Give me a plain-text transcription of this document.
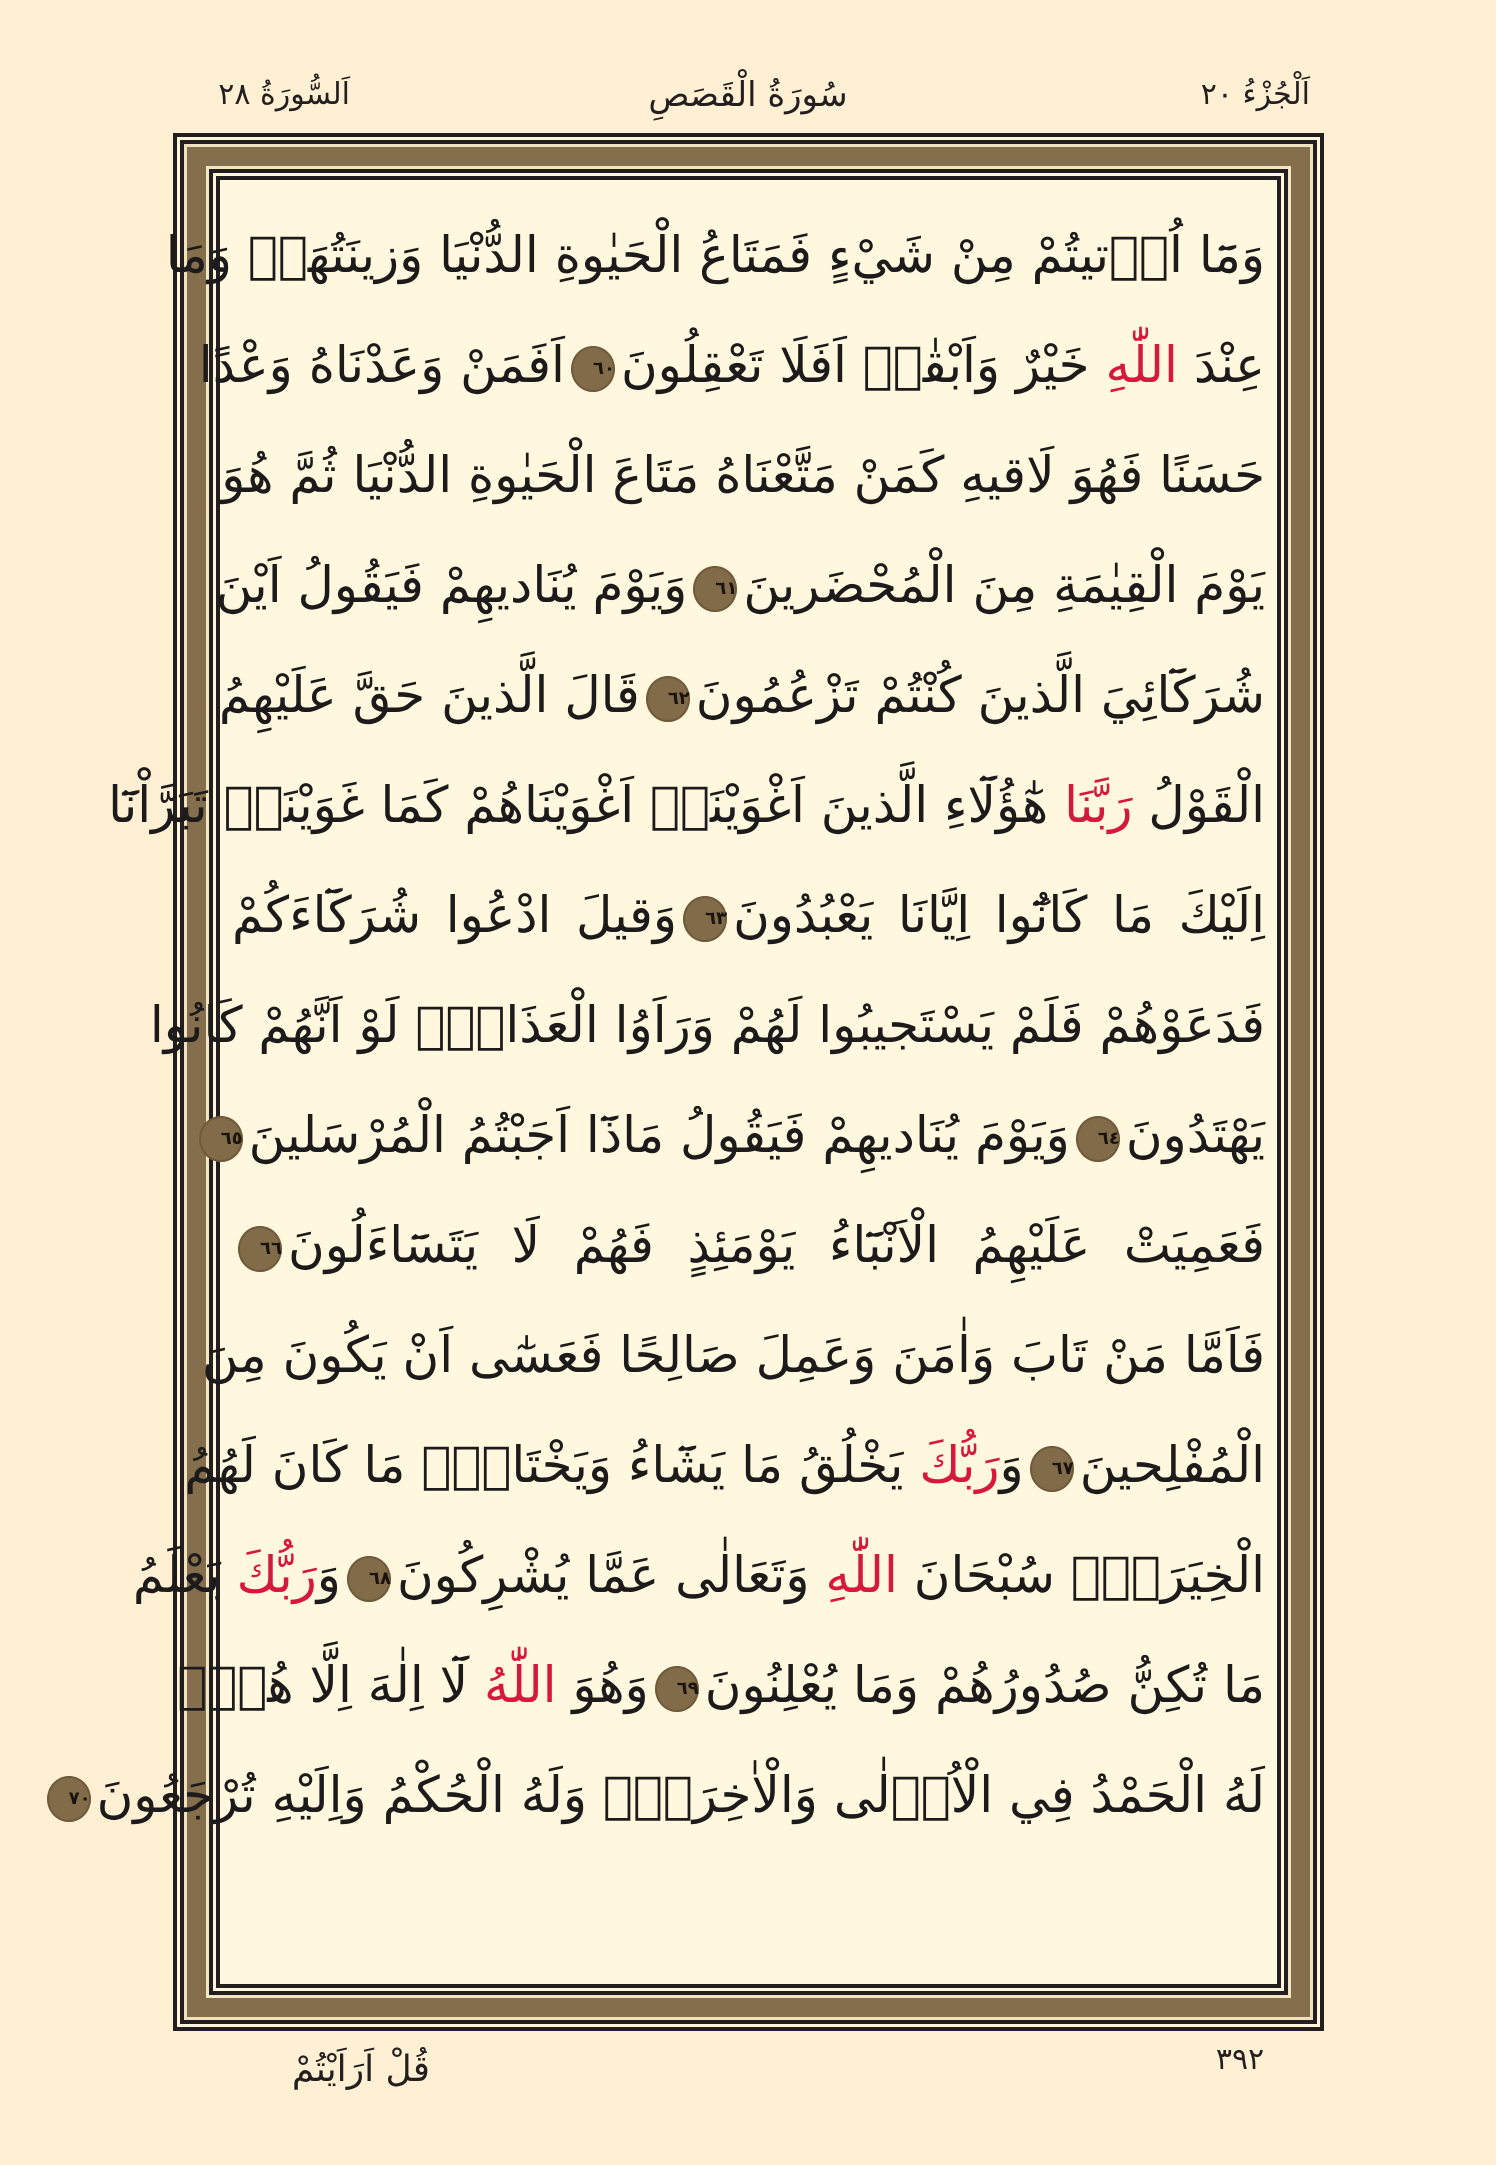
اَلْجُزْءُ ٢٠
سُورَةُ الْقَصَصِ
اَلسُّورَةُ ٢٨
وَمَٓا اُو۫تيتُمْ مِنْ شَيْءٍ فَمَتَاعُ الْحَيٰوةِ الدُّنْيَا وَزينَتُهَاۚ وَمَا
عِنْدَ اللّٰهِ خَيْرٌ وَاَبْقٰىۜ اَفَلَا تَعْقِلُونَ٦٠اَفَمَنْ وَعَدْنَاهُ وَعْدًا
حَسَنًا فَهُوَ لَاقيهِ كَمَنْ مَتَّعْنَاهُ مَتَاعَ الْحَيٰوةِ الدُّنْيَا ثُمَّ هُوَ
يَوْمَ الْقِيٰمَةِ مِنَ الْمُحْضَرينَ٦١وَيَوْمَ يُنَاديهِمْ فَيَقُولُ اَيْنَ
شُرَكَٓائِيَ الَّذينَ كُنْتُمْ تَزْعُمُونَ٦٢قَالَ الَّذينَ حَقَّ عَلَيْهِمُ
الْقَوْلُ رَبَّنَا هٰٓؤُلَٓاءِ الَّذينَ اَغْوَيْنَاۚ اَغْوَيْنَاهُمْ كَمَا غَوَيْنَاۚ تَبَرَّاْنَٓا
اِلَيْكَ مَا كَانُٓوا اِيَّانَا يَعْبُدُونَ٦٣وَقيلَ ادْعُوا شُرَكَٓاءَكُمْ
فَدَعَوْهُمْ فَلَمْ يَسْتَجيبُوا لَهُمْ وَرَاَوُا الْعَذَابَۚ لَوْ اَنَّهُمْ كَانُوا
يَهْتَدُونَ٦٤وَيَوْمَ يُنَاديهِمْ فَيَقُولُ مَاذَٓا اَجَبْتُمُ الْمُرْسَلينَ٦٥
فَعَمِيَتْ عَلَيْهِمُ الْاَنْبَٓاءُ يَوْمَئِذٍ فَهُمْ لَا يَتَسَٓاءَلُونَ٦٦
فَاَمَّا مَنْ تَابَ وَاٰمَنَ وَعَمِلَ صَالِحًا فَعَسٰٓى اَنْ يَكُونَ مِنَ
الْمُفْلِحينَ٦٧وَرَبُّكَ يَخْلُقُ مَا يَشَٓاءُ وَيَخْتَارُۜ مَا كَانَ لَهُمُ
الْخِيَرَةُۜ سُبْحَانَ اللّٰهِ وَتَعَالٰى عَمَّا يُشْرِكُونَ٦٨وَرَبُّكَ يَعْلَمُ
مَا تُكِنُّ صُدُورُهُمْ وَمَا يُعْلِنُونَ٦٩وَهُوَ اللّٰهُ لَٓا اِلٰهَ اِلَّا هُوَۜ
لَهُ الْحَمْدُ فِي الْاُو۫لٰى وَالْاٰخِرَةِۘ وَلَهُ الْحُكْمُ وَاِلَيْهِ تُرْجَعُونَ٧٠
قُلْ اَرَاَيْتُمْ	٣٩٢
